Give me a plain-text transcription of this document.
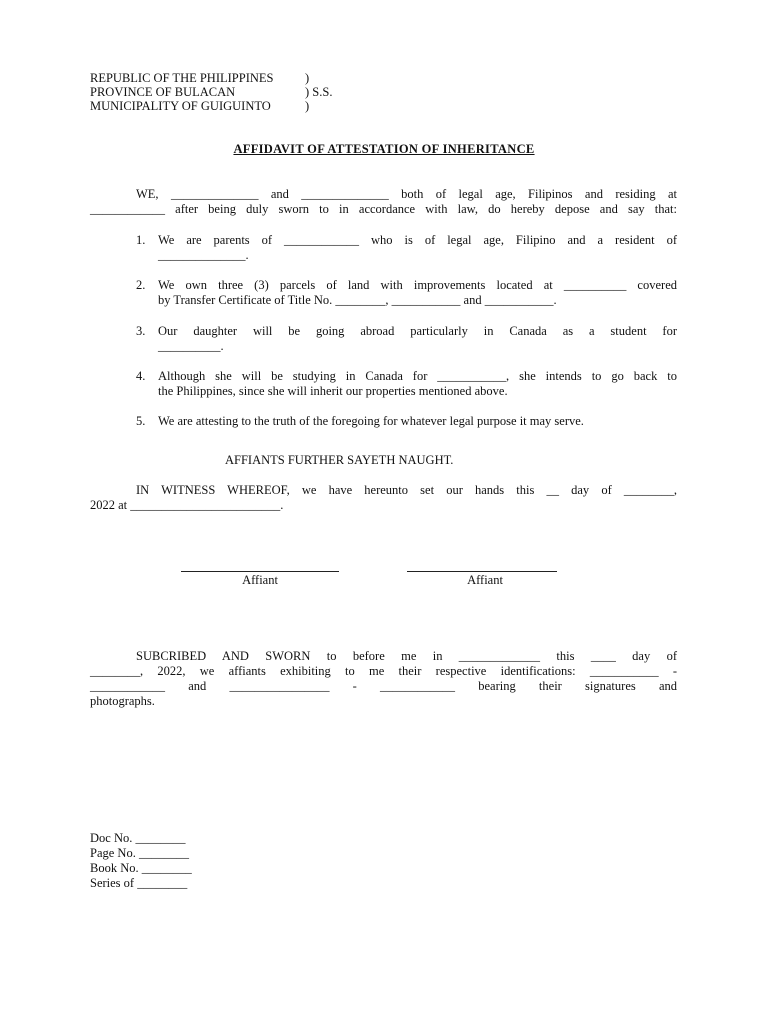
REPUBLIC OF THE PHILIPPINES	)
PROVINCE OF BULACAN	) S.S.
MUNICIPALITY OF GUIGUINTO	)
AFFIDAVIT OF ATTESTATION OF INHERITANCE
WE, ______________ and ______________ both of legal age, Filipinos and residing at
____________ after being duly sworn to in accordance with law, do hereby depose and say that:
1. We are parents of ____________ who is of legal age, Filipino and a resident of
______________.
2. We own three (3) parcels of land with improvements located at __________ covered
by Transfer Certificate of Title No. ________, ___________ and ___________.
3. Our daughter will be going abroad particularly in Canada as a student for
__________.
4. Although she will be studying in Canada for ___________, she intends to go back to
the Philippines, since she will inherit our properties mentioned above.
5. We are attesting to the truth of the foregoing for whatever legal purpose it may serve.
AFFIANTS FURTHER SAYETH NAUGHT.
IN WITNESS WHEREOF, we have hereunto set our hands this __ day of ________,
2022 at ________________________.
Affiant	Affiant
SUBCRIBED AND SWORN to before me in _____________ this ____ day of
________, 2022, we affiants exhibiting to me their respective identifications: ___________ -
____________ and ________________ - ____________ bearing their signatures and
photographs.
Doc No. ________
Page No. ________
Book No. ________
Series of ________
